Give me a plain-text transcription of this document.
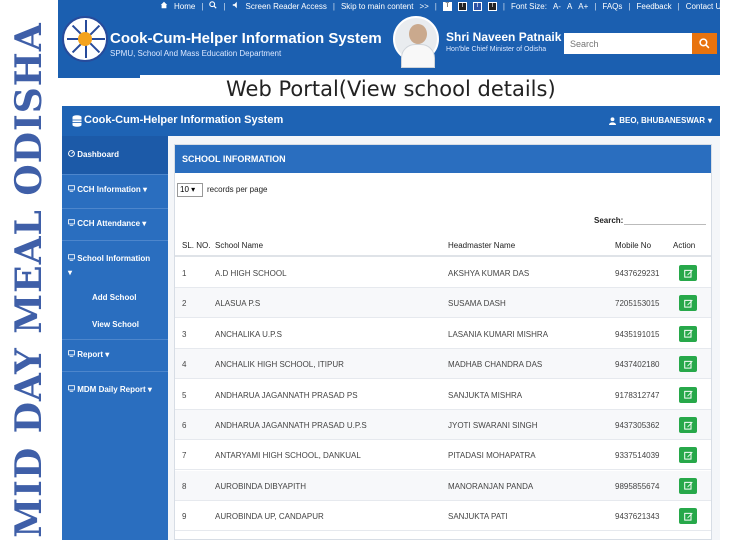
MID DAY MEAL ODISHA
Home |	|	Screen Reader Access | Skip to main content >> |	T	T	T	T	| Font Size: A- A A+ | FAQs | Feedback | Contact Us |
Cook-Cum-Helper Information System
SPMU, School And Mass Education Department
Shri Naveen Patnaik
Hon'ble Chief Minister of Odisha
Search
Web Portal(View school details)
Cook-Cum-Helper Information System	BEO, BHUBANESWAR ▾
Dashboard
CCH Information ▾
CCH Attendance ▾
School Information
▾
Add School
View School
Report ▾
MDM Daily Report ▾
SCHOOL INFORMATION
10 ▾	records per page
Search:
SL. NO. School Name	Headmaster Name	Mobile No	Action
1	A.D HIGH SCHOOL	AKSHYA KUMAR DAS	9437629231
2	ALASUA P.S	SUSAMA DASH	7205153015
3	ANCHALIKA U.P.S	LASANIA KUMARI MISHRA	9435191015
4	ANCHALIK HIGH SCHOOL, ITIPUR	MADHAB CHANDRA DAS	9437402180
5	ANDHARUA JAGANNATH PRASAD PS	SANJUKTA MISHRA	9178312747
6	ANDHARUA JAGANNATH PRASAD U.P.S	JYOTI SWARANI SINGH	9437305362
7	ANTARYAMI HIGH SCHOOL, DANKUAL	PITADASI MOHAPATRA	9337514039
8	AUROBINDA DIBYAPITH	MANORANJAN PANDA	9895855674
9	AUROBINDA UP, CANDAPUR	SANJUKTA PATI	9437621343
